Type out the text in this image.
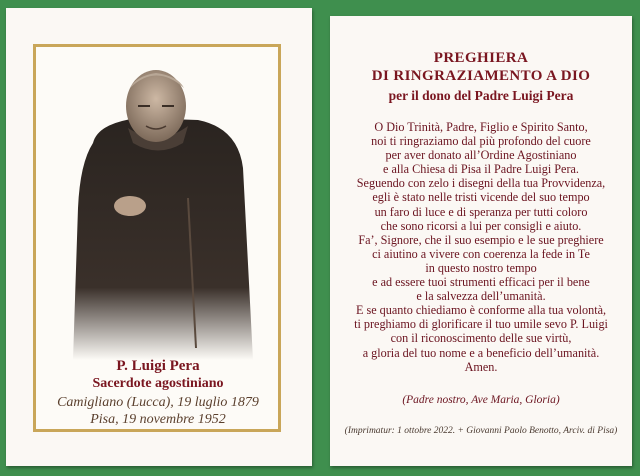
P. Luigi Pera
Sacerdote agostiniano
Camigliano (Lucca), 19 luglio 1879
Pisa, 19 novembre 1952
PREGHIERA
DI RINGRAZIAMENTO A DIO
per il dono del Padre Luigi Pera
O Dio Trinità, Padre, Figlio e Spirito Santo,
noi ti ringraziamo dal più profondo del cuore
per aver donato all’Ordine Agostiniano
e alla Chiesa di Pisa il Padre Luigi Pera.
Seguendo con zelo i disegni della tua Provvidenza,
egli è stato nelle tristi vicende del suo tempo
un faro di luce e di speranza per tutti coloro
che sono ricorsi a lui per consigli e aiuto.
Fa’, Signore, che il suo esempio e le sue preghiere
ci aiutino a vivere con coerenza la fede in Te
in questo nostro tempo
e ad essere tuoi strumenti efficaci per il bene
e la salvezza dell’umanità.
E se quanto chiediamo è conforme alla tua volontà,
ti preghiamo di glorificare il tuo umile sevo P. Luigi
con il riconoscimento delle sue virtù,
a gloria del tuo nome e a beneficio dell’umanità.
Amen.
(Padre nostro, Ave Maria, Gloria)
(Imprimatur: 1 ottobre 2022. + Giovanni Paolo Benotto, Arciv. di Pisa)
